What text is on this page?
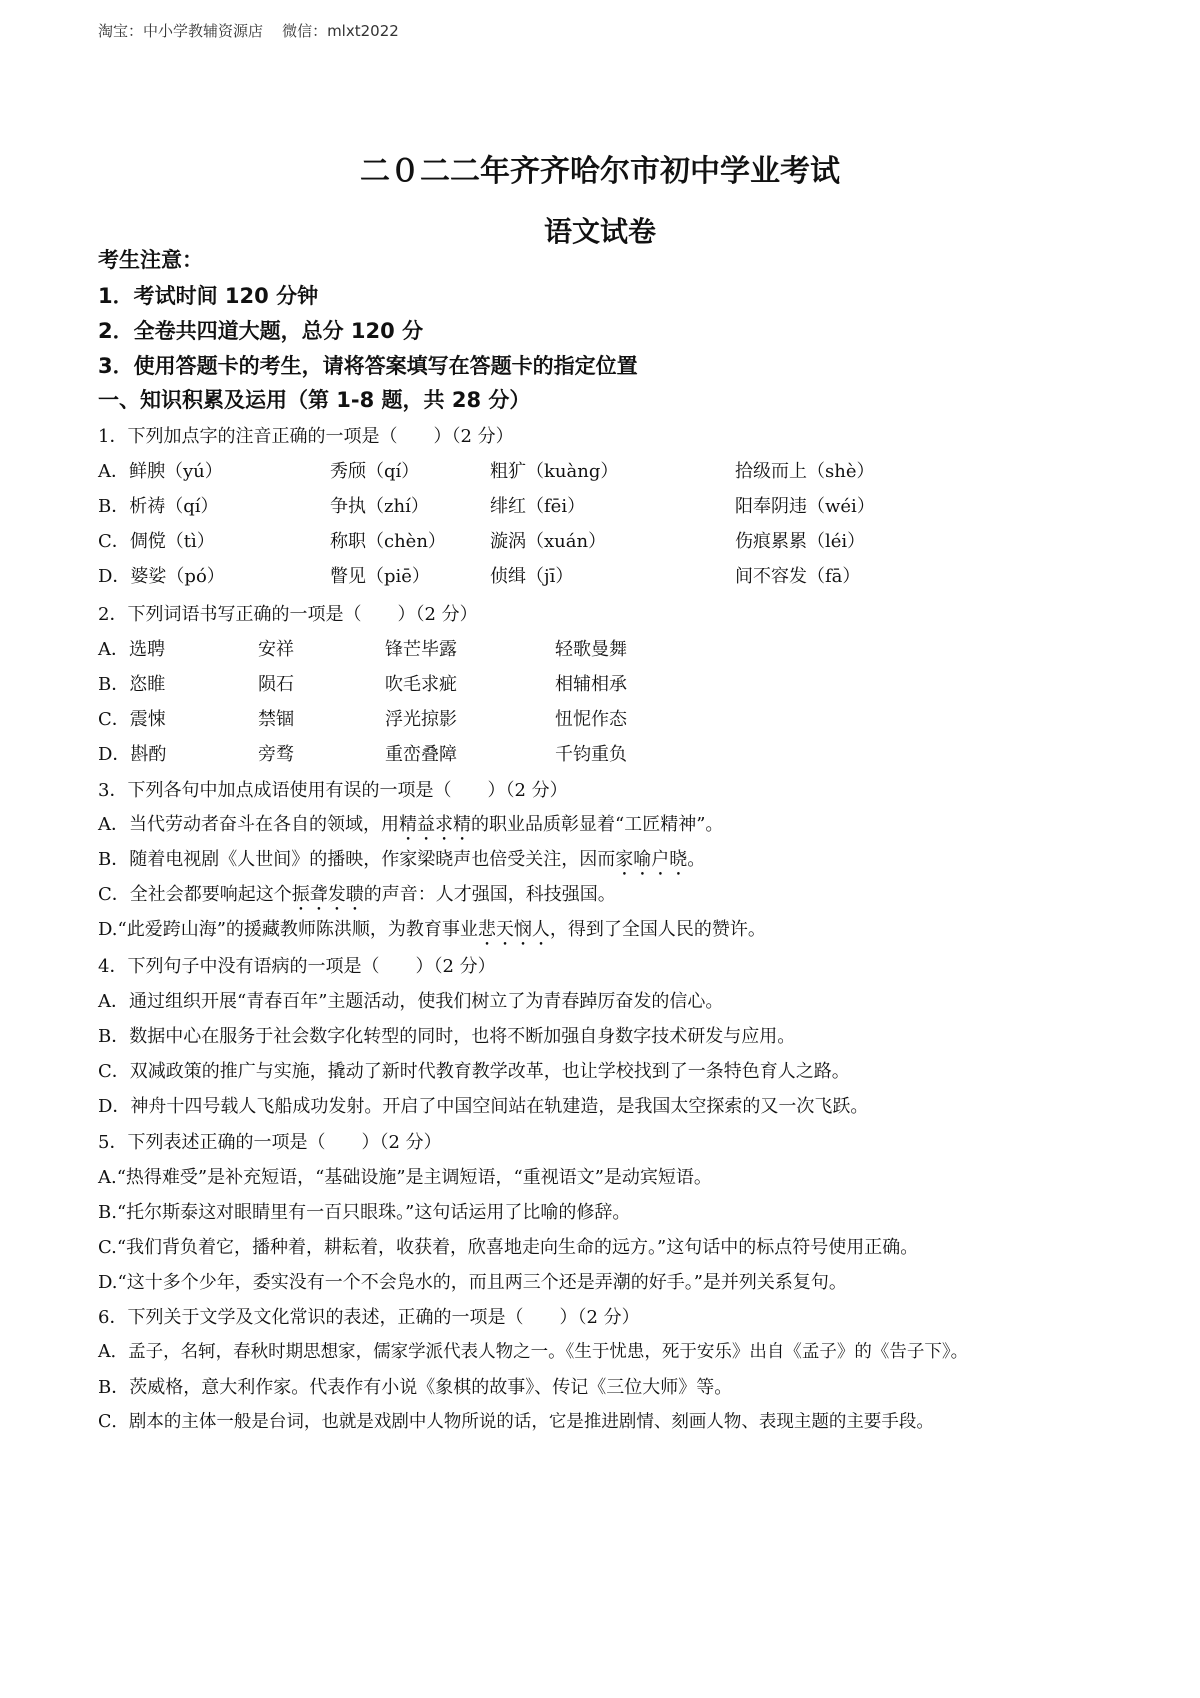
淘宝：中小学教辅资源店    微信：mlxt2022
二０二二年齐齐哈尔市初中学业考试
语文试卷
考生注意：
1．考试时间 120 分钟
2．全卷共四道大题，总分 120 分
3．使用答题卡的考生，请将答案填写在答题卡的指定位置
一、知识积累及运用（第 1-8 题，共 28 分）
1．下列加点字的注音正确的一项是（　　）（2 分）
A．鲜腴（yú）	秀颀（qí）	粗犷（kuàng）	拾级而上（shè）
B．析祷（qí）	争执（zhí）	绯红（fēi）	阳奉阴违（wéi）
C．倜傥（tì）	称职（chèn） 漩涡（xuán）	伤痕累累（léi）
D．婆娑（pó）	瞥见（piē）	侦缉（jī）	间不容发（fā）
2．下列词语书写正确的一项是（　　）（2 分）
A．选聘	安祥	锋芒毕露	轻歌曼舞
B．恣睢	陨石	吹毛求疵	相辅相承
C．震悚	禁锢	浮光掠影	忸怩作态
D．斟酌	旁骛	重峦叠障	千钧重负
3．下列各句中加点成语使用有误的一项是（　　）（2 分）
A．当代劳动者奋斗在各自的领域，用精益求精的职业品质彰显着“工匠精神”。
B．随着电视剧《人世间》的播映，作家梁晓声也倍受关注，因而家喻户晓。
C．全社会都要响起这个振聋发聩的声音：人才强国，科技强国。
D.“此爱跨山海”的援藏教师陈洪顺，为教育事业悲天悯人，得到了全国人民的赞许。
4．下列句子中没有语病的一项是（　　）（2 分）
A．通过组织开展“青春百年”主题活动，使我们树立了为青春踔厉奋发的信心。
B．数据中心在服务于社会数字化转型的同时，也将不断加强自身数字技术研发与应用。
C．双减政策的推广与实施，撬动了新时代教育教学改革，也让学校找到了一条特色育人之路。
D．神舟十四号载人飞船成功发射。开启了中国空间站在轨建造，是我国太空探索的又一次飞跃。
5．下列表述正确的一项是（　　）（2 分）
A.“热得难受”是补充短语，“基础设施”是主调短语，“重视语文”是动宾短语。
B.“托尔斯泰这对眼睛里有一百只眼珠。”这句话运用了比喻的修辞。
C.“我们背负着它，播种着，耕耘着，收获着，欣喜地走向生命的远方。”这句话中的标点符号使用正确。
D.“这十多个少年，委实没有一个不会凫水的，而且两三个还是弄潮的好手。”是并列关系复句。
6．下列关于文学及文化常识的表述，正确的一项是（　　）（2 分）
A．孟子，名轲，春秋时期思想家，儒家学派代表人物之一。《生于忧患，死于安乐》出自《孟子》的《告子下》。
B．茨威格，意大利作家。代表作有小说《象棋的故事》、传记《三位大师》等。
C．剧本的主体一般是台词，也就是戏剧中人物所说的话，它是推进剧情、刻画人物、表现主题的主要手段。
